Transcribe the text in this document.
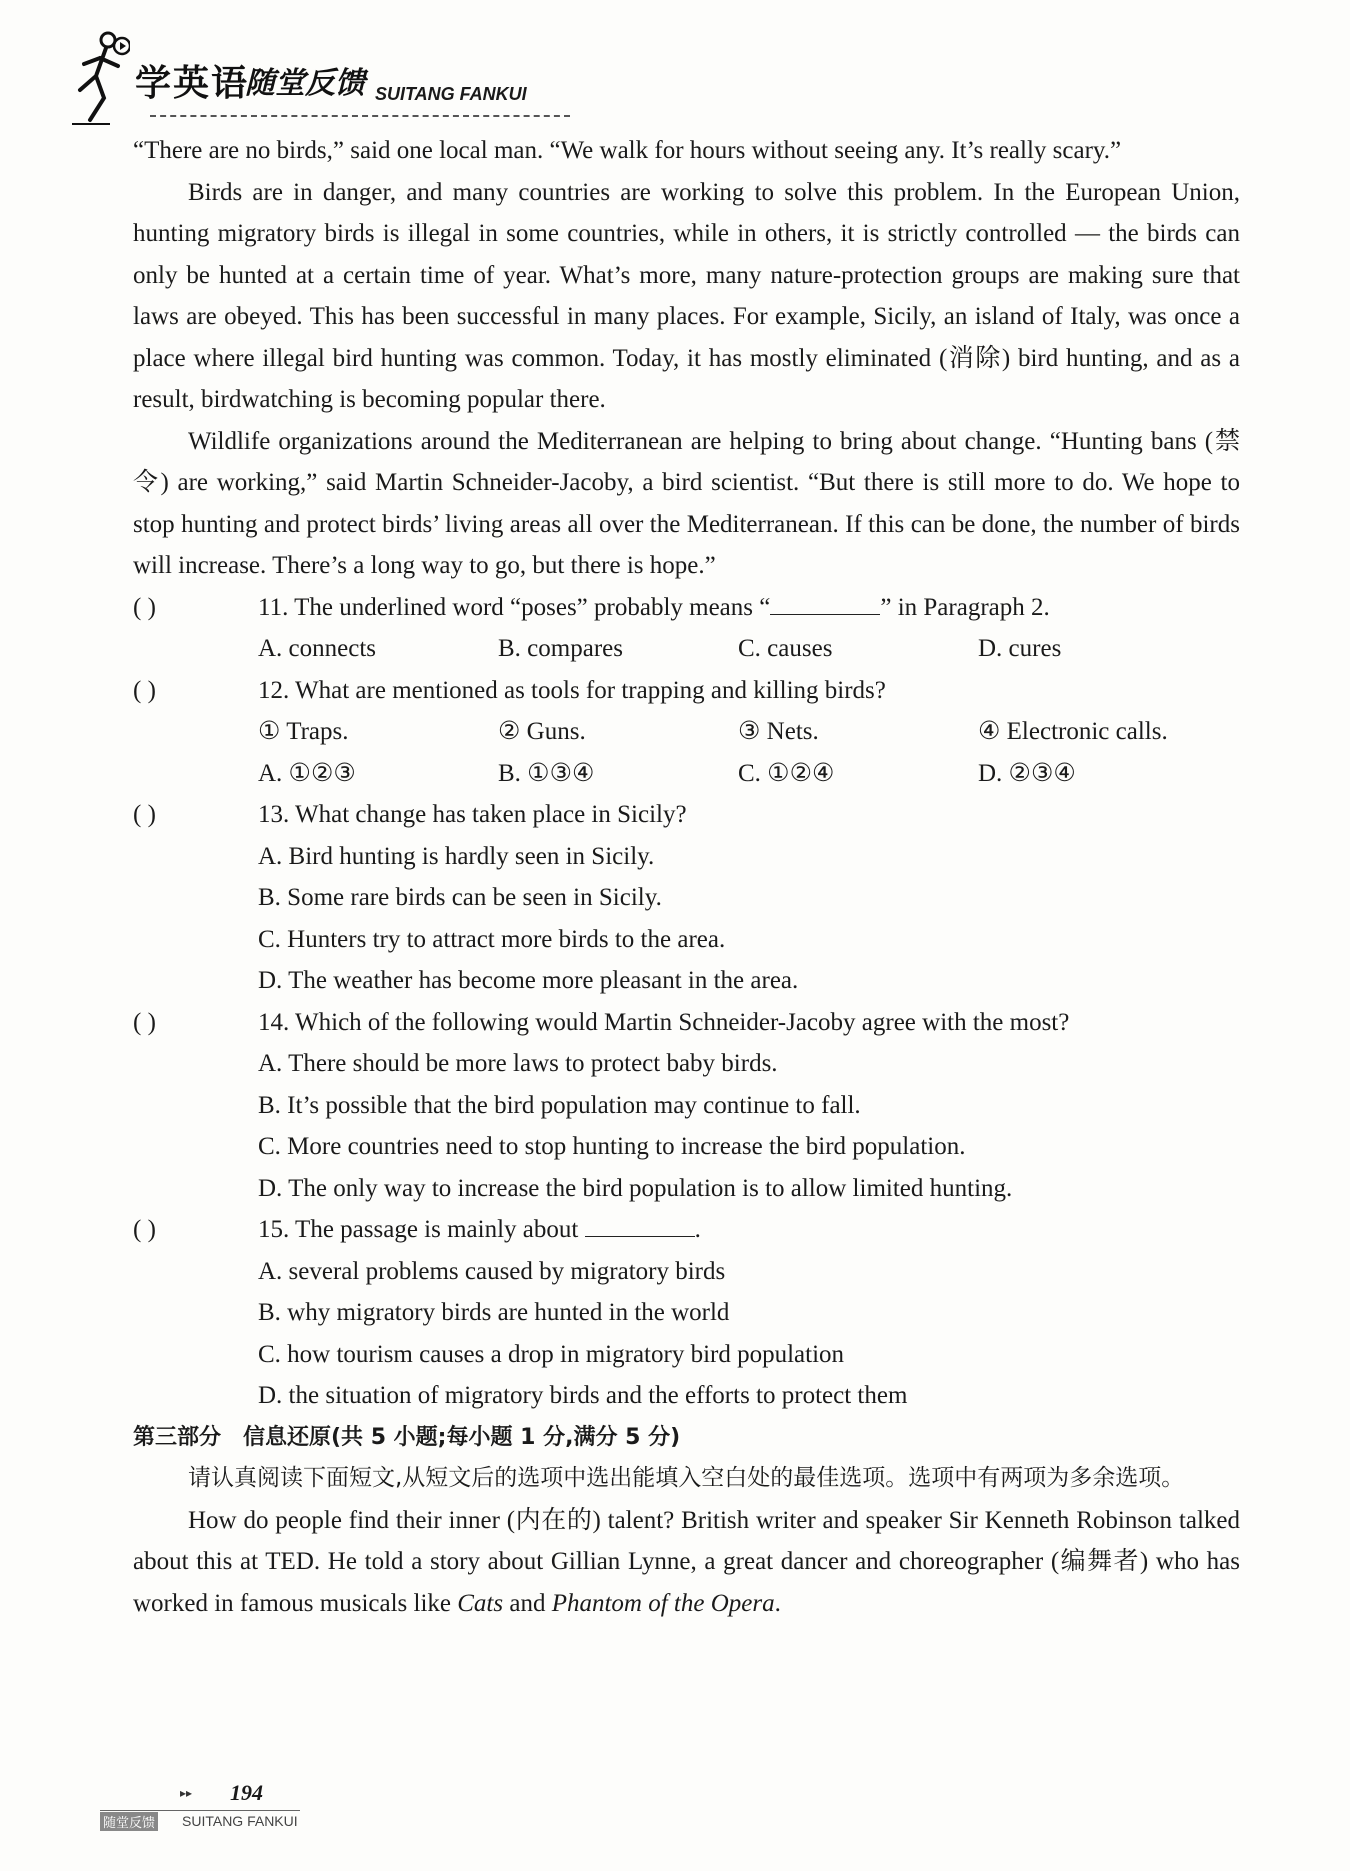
学英语
随堂反馈 SUITANG FANKUI

“There are no birds,” said one local man. “We walk for hours without seeing any. It’s really scary.”

Birds are in danger, and many countries are working to solve this problem. In the European Union, hunting migratory birds is illegal in some countries, while in others, it is strictly controlled — the birds can only be hunted at a certain time of year. What’s more, many nature-protection groups are making sure that laws are obeyed. This has been successful in many places. For example, Sicily, an island of Italy, was once a place where illegal bird hunting was common. Today, it has mostly eliminated (消除) bird hunting, and as a result, birdwatching is becoming popular there.

Wildlife organizations around the Mediterranean are helping to bring about change. “Hunting bans (禁令) are working,” said Martin Schneider-Jacoby, a bird scientist. “But there is still more to do. We hope to stop hunting and protect birds’ living areas all over the Mediterranean. If this can be done, the number of birds will increase. There’s a long way to go, but there is hope.”

( )	11. The underlined word “poses” probably means “	” in Paragraph 2.
A. connects	B. compares	C. causes	D. cures
( )	12. What are mentioned as tools for trapping and killing birds?
① Traps.	② Guns.	③ Nets.	④ Electronic calls.
A. ①②③	B. ①③④	C. ①②④	D. ②③④
( )	13. What change has taken place in Sicily?
A. Bird hunting is hardly seen in Sicily.
B. Some rare birds can be seen in Sicily.
C. Hunters try to attract more birds to the area.
D. The weather has become more pleasant in the area.
( )	14. Which of the following would Martin Schneider-Jacoby agree with the most?
A. There should be more laws to protect baby birds.
B. It’s possible that the bird population may continue to fall.
C. More countries need to stop hunting to increase the bird population.
D. The only way to increase the bird population is to allow limited hunting.
( )	15. The passage is mainly about	.
A. several problems caused by migratory birds
B. why migratory birds are hunted in the world
C. how tourism causes a drop in migratory bird population
D. the situation of migratory birds and the efforts to protect them

第三部分　信息还原(共 5 小题;每小题 1 分,满分 5 分)

请认真阅读下面短文,从短文后的选项中选出能填入空白处的最佳选项。选项中有两项为多余选项。

How do people find their inner (内在的) talent? British writer and speaker Sir Kenneth Robinson talked about this at TED. He told a story about Gillian Lynne, a great dancer and choreographer (编舞者) who has worked in famous musicals like Cats and Phantom of the Opera.

▸▸ 194
随堂反馈 SUITANG FANKUI
